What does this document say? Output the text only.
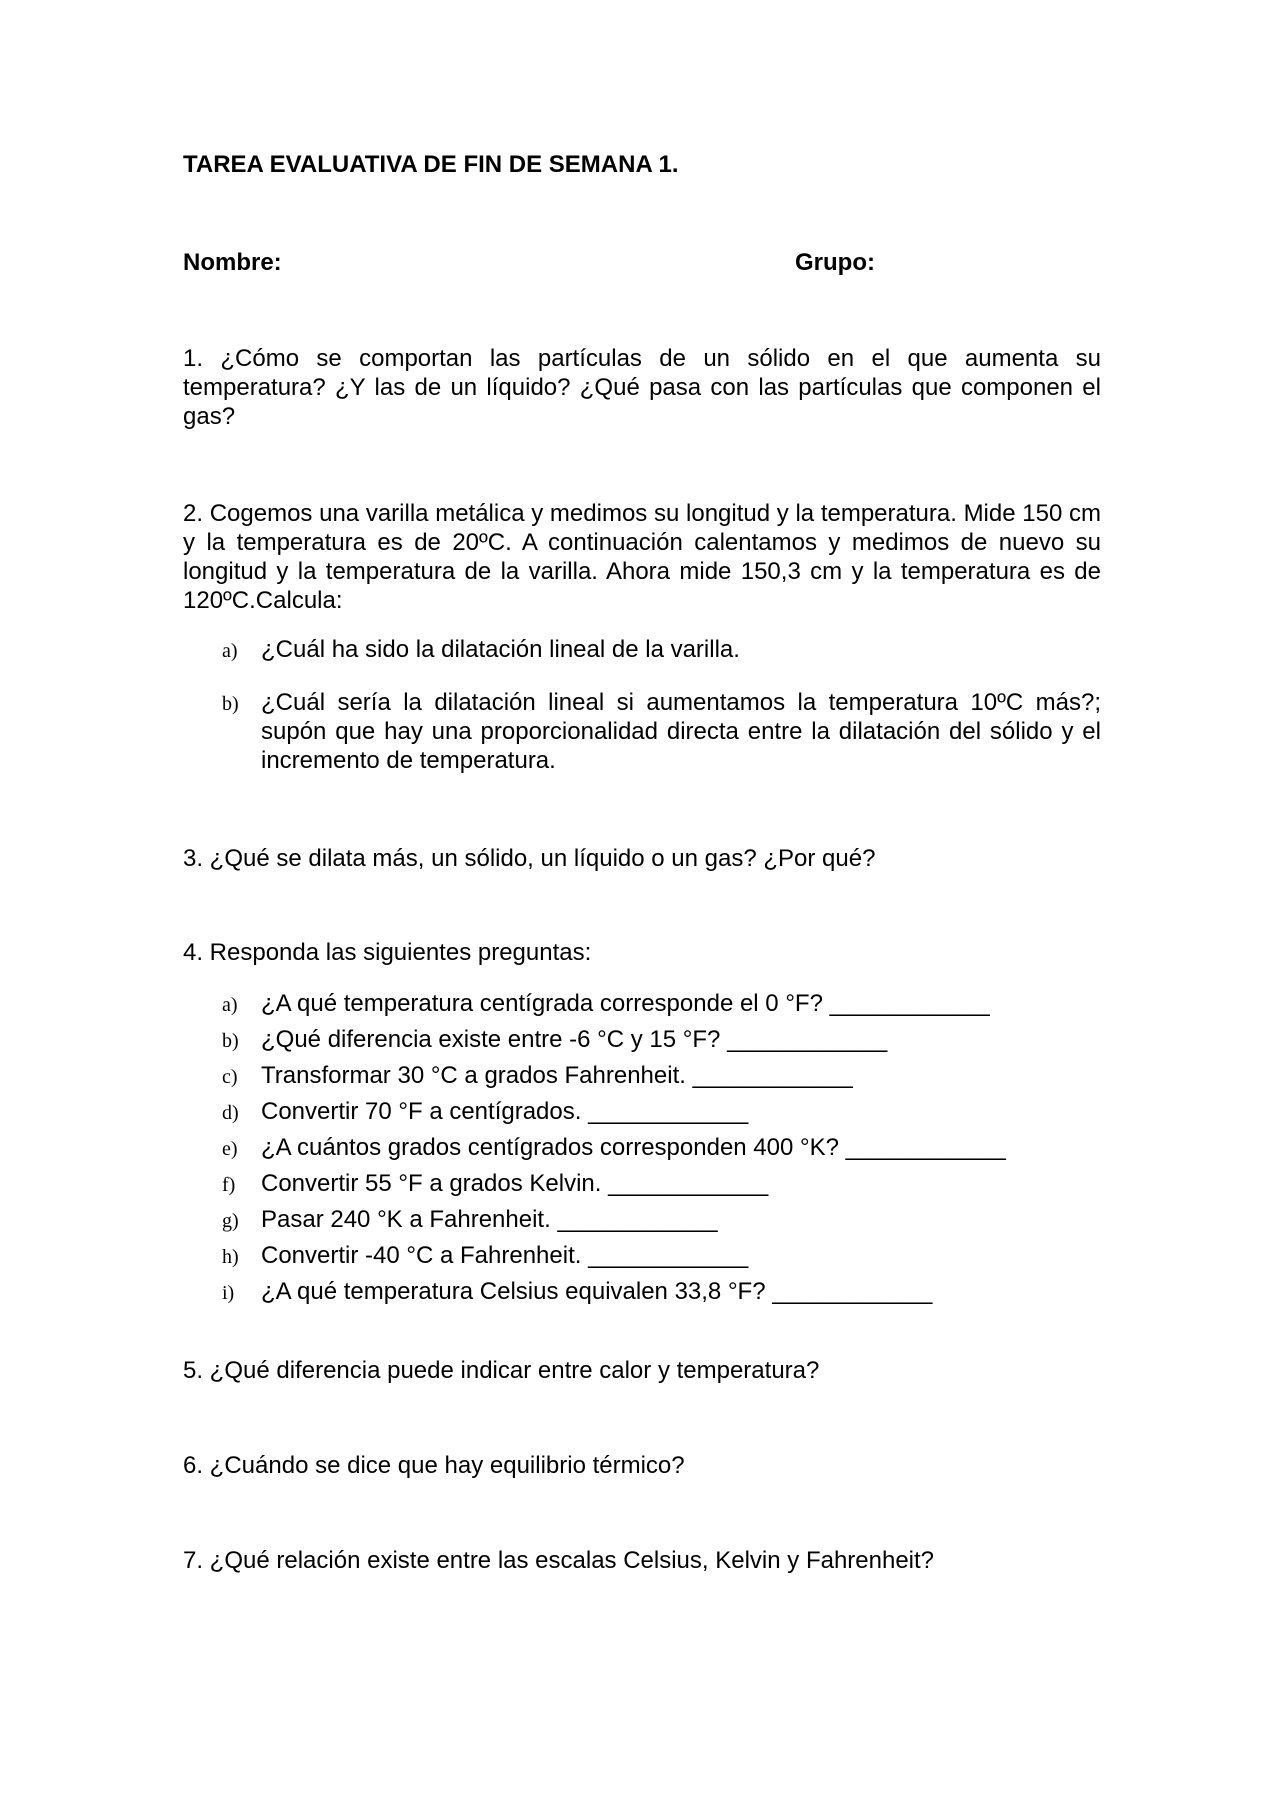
TAREA EVALUATIVA DE FIN DE SEMANA 1.
Nombre:	Grupo:
1. ¿Cómo se comportan las partículas de un sólido en el que aumenta su temperatura? ¿Y las de un líquido? ¿Qué pasa con las partículas que componen el gas?
2. Cogemos una varilla metálica y medimos su longitud y la temperatura. Mide 150 cm y la temperatura es de 20ºC. A continuación calentamos y medimos de nuevo su longitud y la temperatura de la varilla. Ahora mide 150,3 cm y la temperatura es de 120ºC.Calcula:
a) ¿Cuál ha sido la dilatación lineal de la varilla.
b) ¿Cuál sería la dilatación lineal si aumentamos la temperatura 10ºC más?; supón que hay una proporcionalidad directa entre la dilatación del sólido y el incremento de temperatura.
3. ¿Qué se dilata más, un sólido, un líquido o un gas? ¿Por qué?
4. Responda las siguientes preguntas:
a) ¿A qué temperatura centígrada corresponde el 0 °F? ____________
b) ¿Qué diferencia existe entre -6 °C y 15 °F? ____________
c) Transformar 30 °C a grados Fahrenheit. ____________
d) Convertir 70 °F a centígrados. ____________
e) ¿A cuántos grados centígrados corresponden 400 °K? ____________
f) Convertir 55 °F a grados Kelvin. ____________
g) Pasar 240 °K a Fahrenheit. ____________
h) Convertir -40 °C a Fahrenheit. ____________
i) ¿A qué temperatura Celsius equivalen 33,8 °F? ____________
5. ¿Qué diferencia puede indicar entre calor y temperatura?
6. ¿Cuándo se dice que hay equilibrio térmico?
7. ¿Qué relación existe entre las escalas Celsius, Kelvin y Fahrenheit?
